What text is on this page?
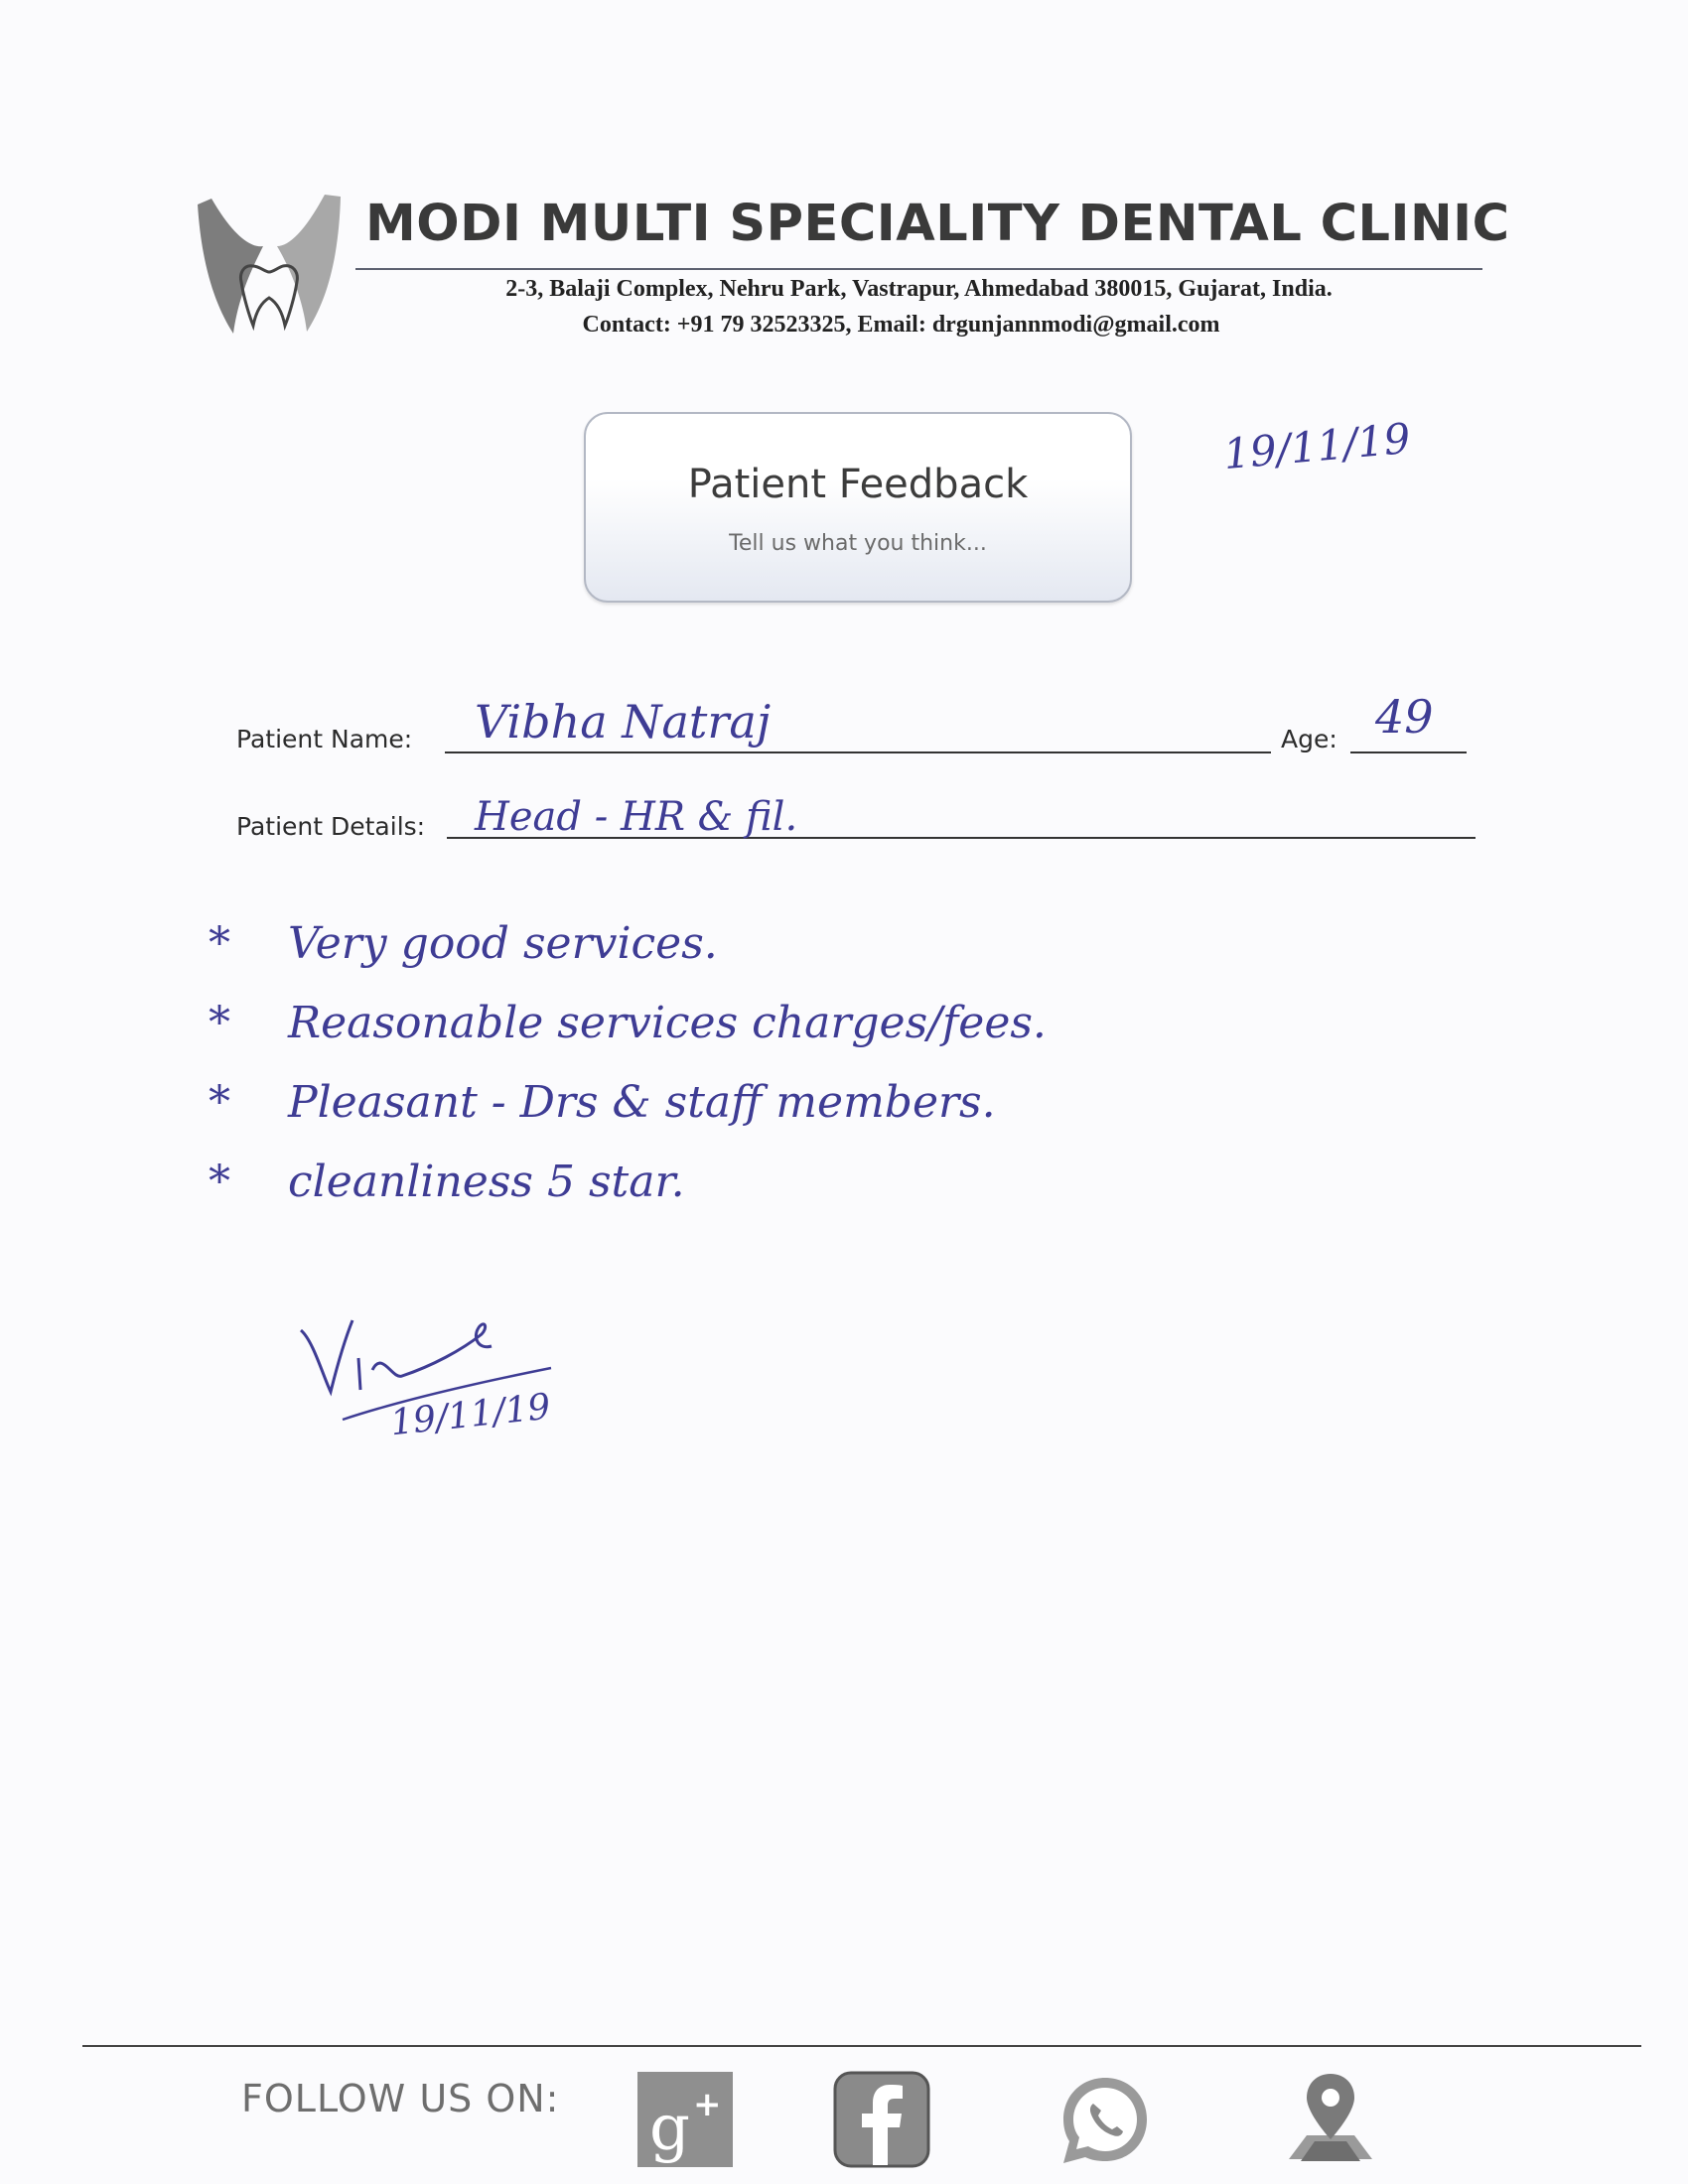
MODI MULTI SPECIALITY DENTAL CLINIC
2-3, Balaji Complex, Nehru Park, Vastrapur, Ahmedabad 380015, Gujarat, India.
Contact: +91 79 32523325, Email: drgunjannmodi@gmail.com
Patient Feedback
Tell us what you think...
19/11/19
Patient Name: Vibha Natraj	Age: 49
Patient Details: Head - HR & fil.
* Very good services.
* Reasonable services charges/fees.
* Pleasant - Drs & staff members.
* cleanliness 5 star.
19/11/19
FOLLOW US ON: g +
